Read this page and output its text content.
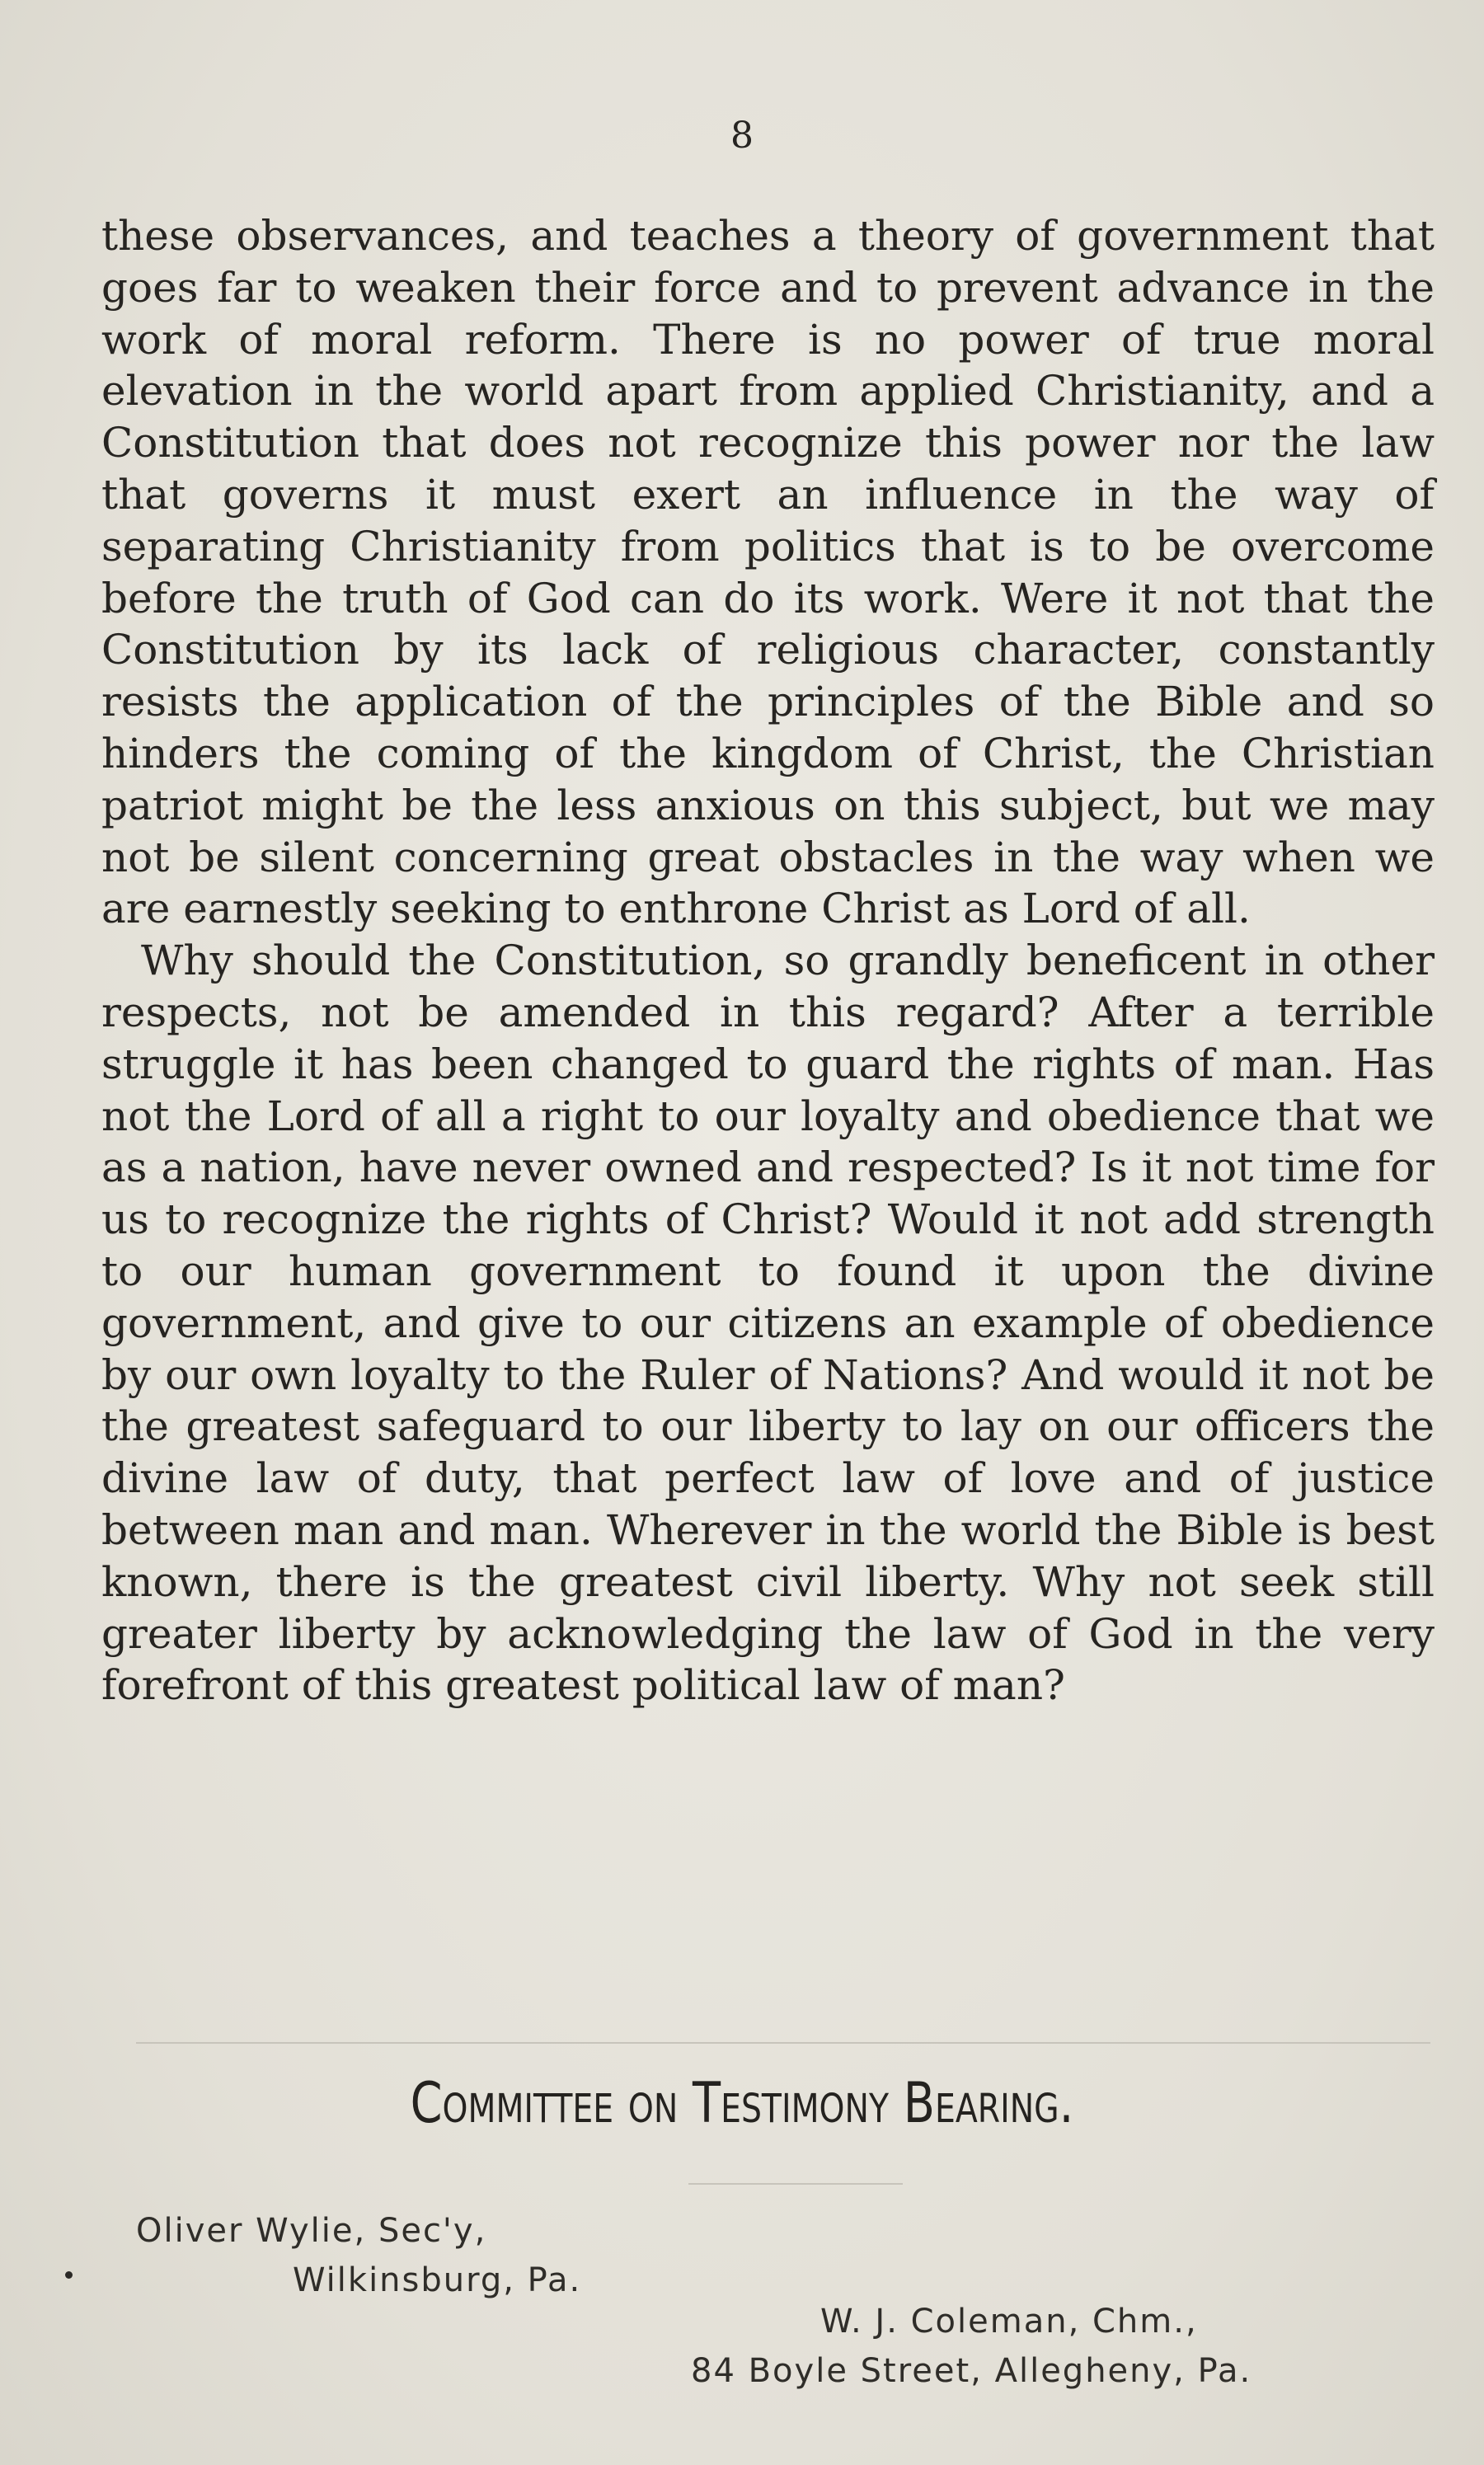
8

these observances, and teaches a theory of government that goes far to weaken their force and to prevent advance in the work of moral reform. There is no power of true moral elevation in the world apart from applied Christianity, and a Constitution that does not recognize this power nor the law that governs it must exert an influence in the way of separating Christianity from politics that is to be overcome before the truth of God can do its work. Were it not that the Constitution by its lack of religious character, constantly resists the application of the principles of the Bible and so hinders the coming of the kingdom of Christ, the Christian patriot might be the less anxious on this subject, but we may not be silent concerning great obstacles in the way when we are earnestly seeking to enthrone Christ as Lord of all.

Why should the Constitution, so grandly beneficent in other respects, not be amended in this regard? After a terrible struggle it has been changed to guard the rights of man. Has not the Lord of all a right to our loyalty and obedience that we as a nation, have never owned and respected? Is it not time for us to recognize the rights of Christ? Would it not add strength to our human government to found it upon the divine government, and give to our citizens an example of obedience by our own loyalty to the Ruler of Nations? And would it not be the greatest safeguard to our liberty to lay on our officers the divine law of duty, that perfect law of love and of justice between man and man. Wherever in the world the Bible is best known, there is the greatest civil liberty. Why not seek still greater liberty by acknowledging the law of God in the very forefront of this greatest political law of man?

Committee on Testimony Bearing.
Oliver Wylie, Sec'y,
Wilkinsburg, Pa.
W. J. Coleman, Chm.,
84 Boyle Street, Allegheny, Pa.
